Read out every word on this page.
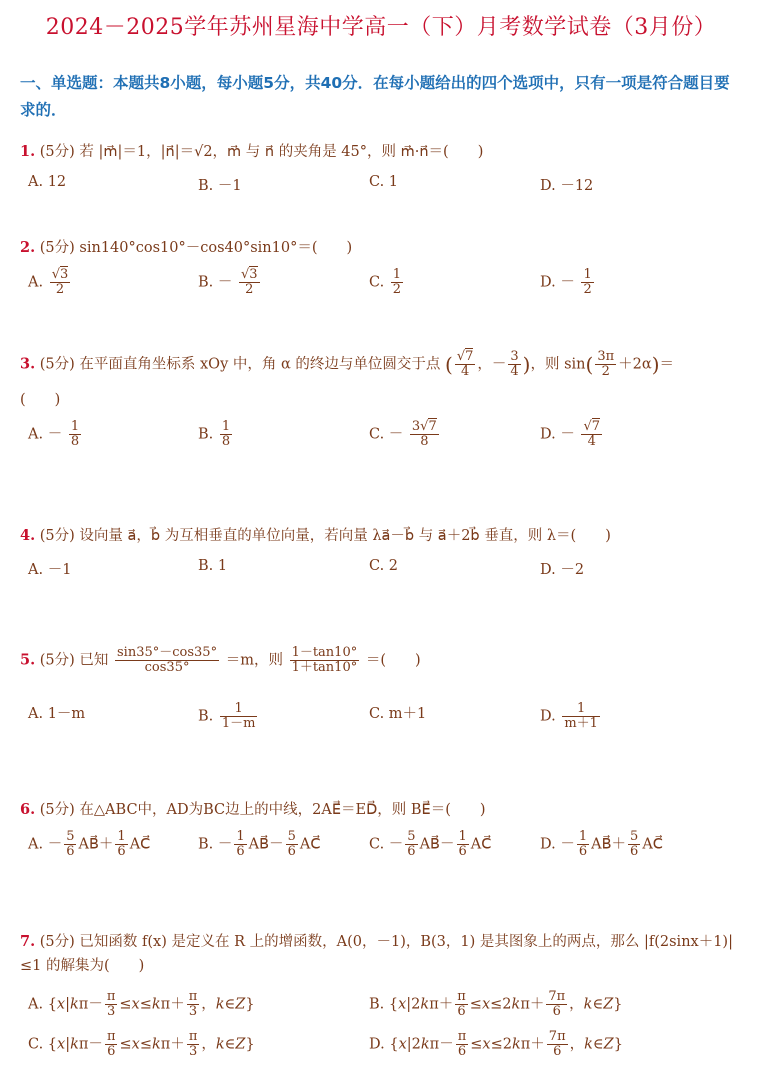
2024－2025学年苏州星海中学高一（下）月考数学试卷（3月份）
一、单选题：本题共8小题，每小题5分，共40分．在每小题给出的四个选项中，只有一项是符合题目要求的．
1. (5分) 若 |m⃗|＝1，|n⃗|＝√2，m⃗ 与 n⃗ 的夹角是 45°，则 m⃗·n⃗＝(　　)
A. 12	B. －1	C. 1	D. －12
2. (5分) sin140°cos10°－cos40°sin10°＝(　　)
A. $\frac{√3}{2}$	B. － $\frac{√3}{2}$	C. $\frac{1}{2}$	D. － $\frac{1}{2}$
3. (5分) 在平面直角坐标系 xOy 中，角 α 的终边与单位圆交于点 ( $\frac{√7}{4}$ ，－ $\frac{3}{4}$ )，则 $\sin( \frac{3\pi}{2} +2\alpha)=$
(　　)
A. － $\frac{1}{8}$	B. $\frac{1}{8}$	C. － $\frac{3√7}{8}$	D. － $\frac{√7}{4}$
4. (5分) 设向量 a⃗，b⃗ 为互相垂直的单位向量，若向量 λa⃗－b⃗ 与 a⃗＋2b⃗ 垂直，则 λ＝(　　)
A. －1	B. 1	C. 2	D. －2
5. (5分) 已知 $\frac{\sin 35^\circ-\cos 35^\circ}{\cos 35^\circ} =m$，则 $\frac{1-\tan 10^\circ}{1+\tan 10^\circ}$ ＝(　　)
A. 1－m	B. $\frac{1}{1-m}$	C. m＋1	D. $\frac{1}{m+1}$
6. (5分) 在△ABC中，AD为BC边上的中线，2AE⃗＝ED⃗，则 BE⃗＝(　　)
A. － $\frac{5}{6}$ AB⃗＋ $\frac{1}{6}$ AC⃗	B. － $\frac{1}{6}$ AB⃗－ $\frac{5}{6}$ AC⃗	C. － $\frac{5}{6}$ AB⃗－ $\frac{1}{6}$ AC⃗	D. － $\frac{1}{6}$ AB⃗＋ $\frac{5}{6}$ AC⃗
7. (5分) 已知函数 f(x) 是定义在 R 上的增函数，A(0，－1)，B(3，1) 是其图象上的两点，那么 |f(2sinx＋1)|≤1 的解集为(　　)
A. {$x|k\pi- \frac{\pi}{3} \le x\le k\pi+ \frac{\pi}{3}$ ，k∈Z}	B. {$x|2k\pi+ \frac{\pi}{6} \le x\le 2k\pi+ \frac{7\pi}{6}$ ，k∈Z}
C. {$x|k\pi- \frac{\pi}{6} \le x\le k\pi+ \frac{\pi}{3}$ ，k∈Z}	D. {$x|2k\pi- \frac{\pi}{6} \le x\le 2k\pi+ \frac{7\pi}{6}$ ，k∈Z}
